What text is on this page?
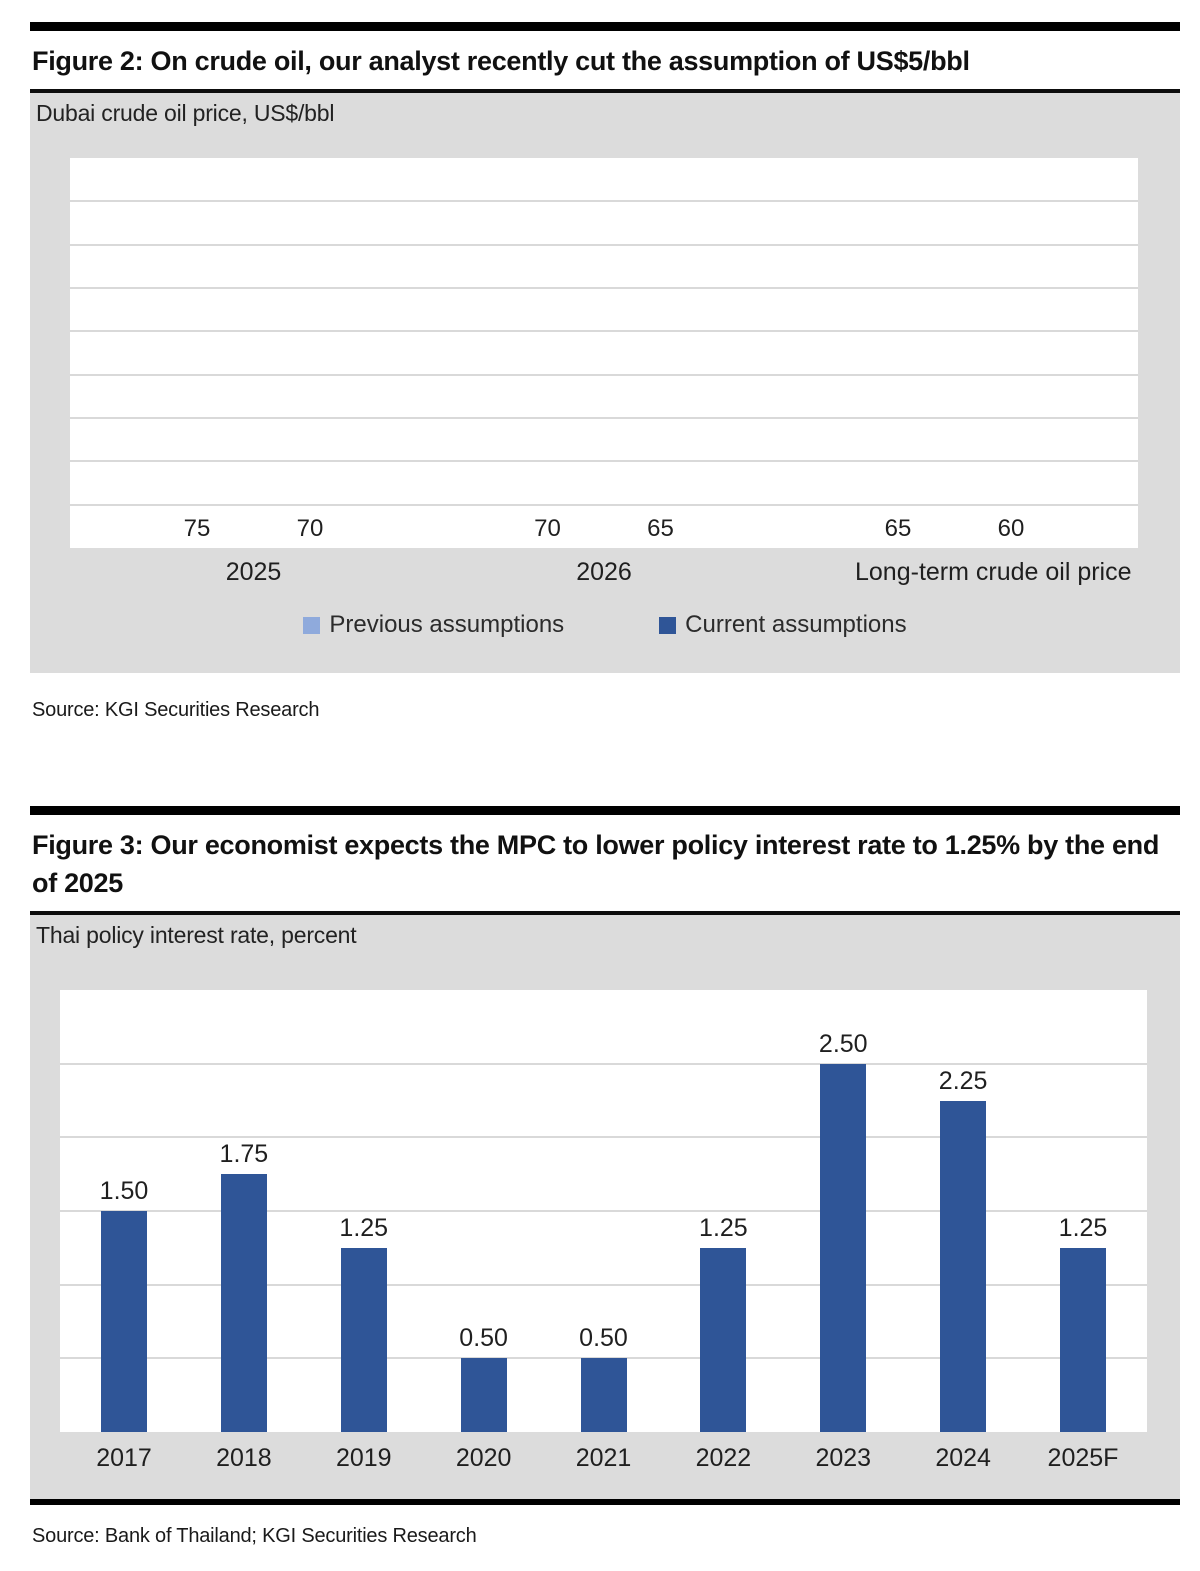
Figure 2: On crude oil, our analyst recently cut the assumption of US$5/bbl
Dubai crude oil price, US$/bbl
75	70	70	65	65	60
2025	2026	Long-term crude oil price
Previous assumptions	Current assumptions
Source: KGI Securities Research
Figure 3: Our economist expects the MPC to lower policy interest rate to 1.25% by the end of 2025
Thai policy interest rate, percent
1.50
1.75
1.25
0.50	0.50
1.25
2.50
2.25
1.25
2017	2018	2019	2020	2021	2022	2023	2024	2025F
Source: Bank of Thailand; KGI Securities Research
